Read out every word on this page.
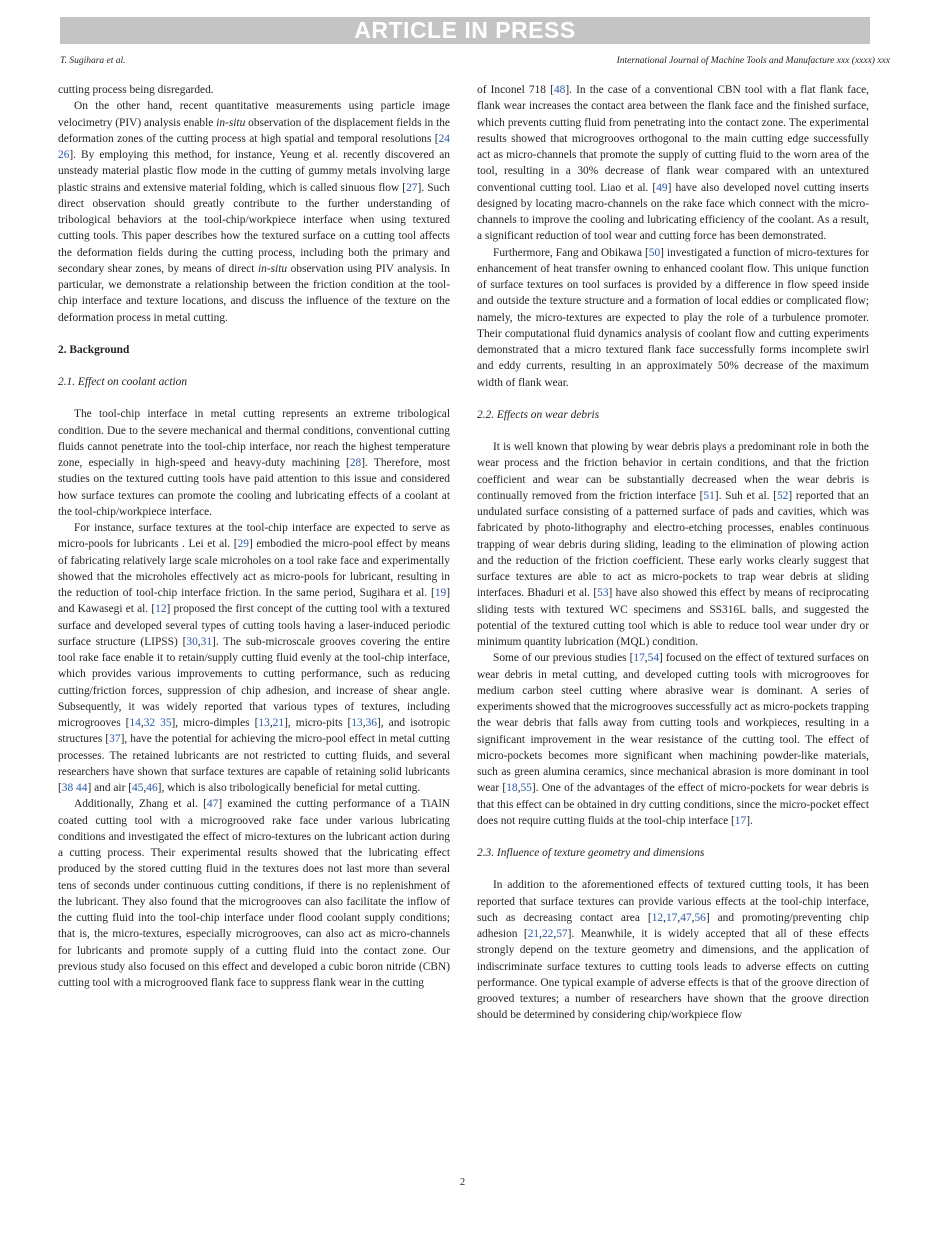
ARTICLE IN PRESS
T. Sugihara et al.	International Journal of Machine Tools and Manufacture xxx (xxxx) xxx

cutting process being disregarded.

On the other hand, recent quantitative measurements using particle image velocimetry (PIV) analysis enable in-situ observation of the displacement fields in the deformation zones of the cutting process at high spatial and temporal resolutions [24 26]. By employing this method, for instance, Yeung et al. recently discovered an unsteady material plastic flow mode in the cutting of gummy metals involving large plastic strains and extensive material folding, which is called sinuous flow [27]. Such direct observation should greatly contribute to the further understanding of tribological behaviors at the tool-chip/workpiece interface when using textured cutting tools. This paper describes how the textured surface on a cutting tool affects the deformation fields during the cutting process, including both the primary and secondary shear zones, by means of direct in-situ observation using PIV analysis. In particular, we demonstrate a relationship between the friction condition at the tool-chip interface and texture locations, and discuss the influence of the texture on the deformation process in metal cutting.

2. Background
2.1. Effect on coolant action

The tool-chip interface in metal cutting represents an extreme tribological condition. Due to the severe mechanical and thermal conditions, conventional cutting fluids cannot penetrate into the tool-chip interface, nor reach the highest temperature zone, especially in high-speed and heavy-duty machining [28]. Therefore, most studies on the textured cutting tools have paid attention to this issue and considered how surface textures can promote the cooling and lubricating effects of a coolant at the tool-chip/workpiece interface.

For instance, surface textures at the tool-chip interface are expected to serve as micro-pools for lubricants . Lei et al. [29] embodied the micro-pool effect by means of fabricating relatively large scale microholes on a tool rake face and experimentally showed that the microholes effectively act as micro-pools for lubricant, resulting in the reduction of tool-chip interface friction. In the same period, Sugihara et al. [19] and Kawasegi et al. [12] proposed the first concept of the cutting tool with a textured surface and developed several types of cutting tools having a laser-induced periodic surface structure (LIPSS) [30,31]. The sub-microscale grooves covering the entire tool rake face enable it to retain/supply cutting fluid evenly at the tool-chip interface, which provides various improvements to cutting performance, such as reducing cutting/friction forces, suppression of chip adhesion, and increase of shear angle. Subsequently, it was widely reported that various types of textures, including microgrooves [14,32 35], micro-dimples [13,21], micro-pits [13,36], and isotropic structures [37], have the potential for achieving the micro-pool effect in metal cutting processes. The retained lubricants are not restricted to cutting fluids, and several researchers have shown that surface textures are capable of retaining solid lubricants [38 44] and air [45,46], which is also tribologically beneficial for metal cutting.

Additionally, Zhang et al. [47] examined the cutting performance of a TiAlN coated cutting tool with a microgrooved rake face under various lubricating conditions and investigated the effect of micro-textures on the lubricant action during a cutting process. Their experimental results showed that the lubricating effect produced by the stored cutting fluid in the textures does not last more than several tens of seconds under continuous cutting conditions, if there is no replenishment of the lubricant. They also found that the microgrooves can also facilitate the inflow of the cutting fluid into the tool-chip interface under flood coolant supply conditions; that is, the micro-textures, especially microgrooves, can also act as micro-channels for lubricants and promote supply of a cutting fluid into the contact zone. Our previous study also focused on this effect and developed a cubic boron nitride (CBN) cutting tool with a microgrooved flank face to suppress flank wear in the cutting

of Inconel 718 [48]. In the case of a conventional CBN tool with a flat flank face, flank wear increases the contact area between the flank face and the finished surface, which prevents cutting fluid from penetrating into the contact zone. The experimental results showed that microgrooves orthogonal to the main cutting edge successfully act as micro-channels that promote the supply of cutting fluid to the worn area of the tool, resulting in a 30% decrease of flank wear compared with an untextured conventional cutting tool. Liao et al. [49] have also developed novel cutting inserts designed by locating macro-channels on the rake face which connect with the micro-channels to improve the cooling and lubricating efficiency of the coolant. As a result, a significant reduction of tool wear and cutting force has been demonstrated.

Furthermore, Fang and Obikawa [50] investigated a function of micro-textures for enhancement of heat transfer owning to enhanced coolant flow. This unique function of surface textures on tool surfaces is provided by a difference in flow speed inside and outside the texture structure and a formation of local eddies or complicated flow; namely, the micro-textures are expected to play the role of a turbulence promoter. Their computational fluid dynamics analysis of coolant flow and cutting experiments demonstrated that a micro textured flank face successfully forms incomplete swirl and eddy currents, resulting in an approximately 50% decrease of the maximum width of flank wear.

2.2. Effects on wear debris

It is well known that plowing by wear debris plays a predominant role in both the wear process and the friction behavior in certain conditions, and that the friction coefficient and wear can be substantially decreased when the wear debris is continually removed from the friction interface [51]. Suh et al. [52] reported that an undulated surface consisting of a patterned surface of pads and cavities, which was fabricated by photo-lithography and electro-etching processes, enables continuous trapping of wear debris during sliding, leading to the elimination of plowing action and the reduction of the friction coefficient. These early works clearly suggest that surface textures are able to act as micro-pockets to trap wear debris at sliding interfaces. Bhaduri et al. [53] have also showed this effect by means of reciprocating sliding tests with textured WC specimens and SS316L balls, and suggested the potential of the textured cutting tool which is able to reduce tool wear under dry or minimum quantity lubrication (MQL) condition.

Some of our previous studies [17,54] focused on the effect of textured surfaces on wear debris in metal cutting, and developed cutting tools with microgrooves for medium carbon steel cutting where abrasive wear is dominant. A series of experiments showed that the microgrooves successfully act as micro-pockets trapping the wear debris that falls away from cutting tools and workpieces, resulting in a significant improvement in the wear resistance of the cutting tool. The effect of micro-pockets becomes more significant when machining powder-like materials, such as green alumina ceramics, since mechanical abrasion is more dominant in tool wear [18,55]. One of the advantages of the effect of micro-pockets for wear debris is that this effect can be obtained in dry cutting conditions, since the micro-pocket effect does not require cutting fluids at the tool-chip interface [17].

2.3. Influence of texture geometry and dimensions

In addition to the aforementioned effects of textured cutting tools, it has been reported that surface textures can provide various effects at the tool-chip interface, such as decreasing contact area [12,17,47,56] and promoting/preventing chip adhesion [21,22,57]. Meanwhile, it is widely accepted that all of these effects strongly depend on the texture geometry and dimensions, and the application of indiscriminate surface textures to cutting tools leads to adverse effects on cutting performance. One typical example of adverse effects is that of the groove direction of grooved textures; a number of researchers have shown that the groove direction should be determined by considering chip/workpiece flow

2
